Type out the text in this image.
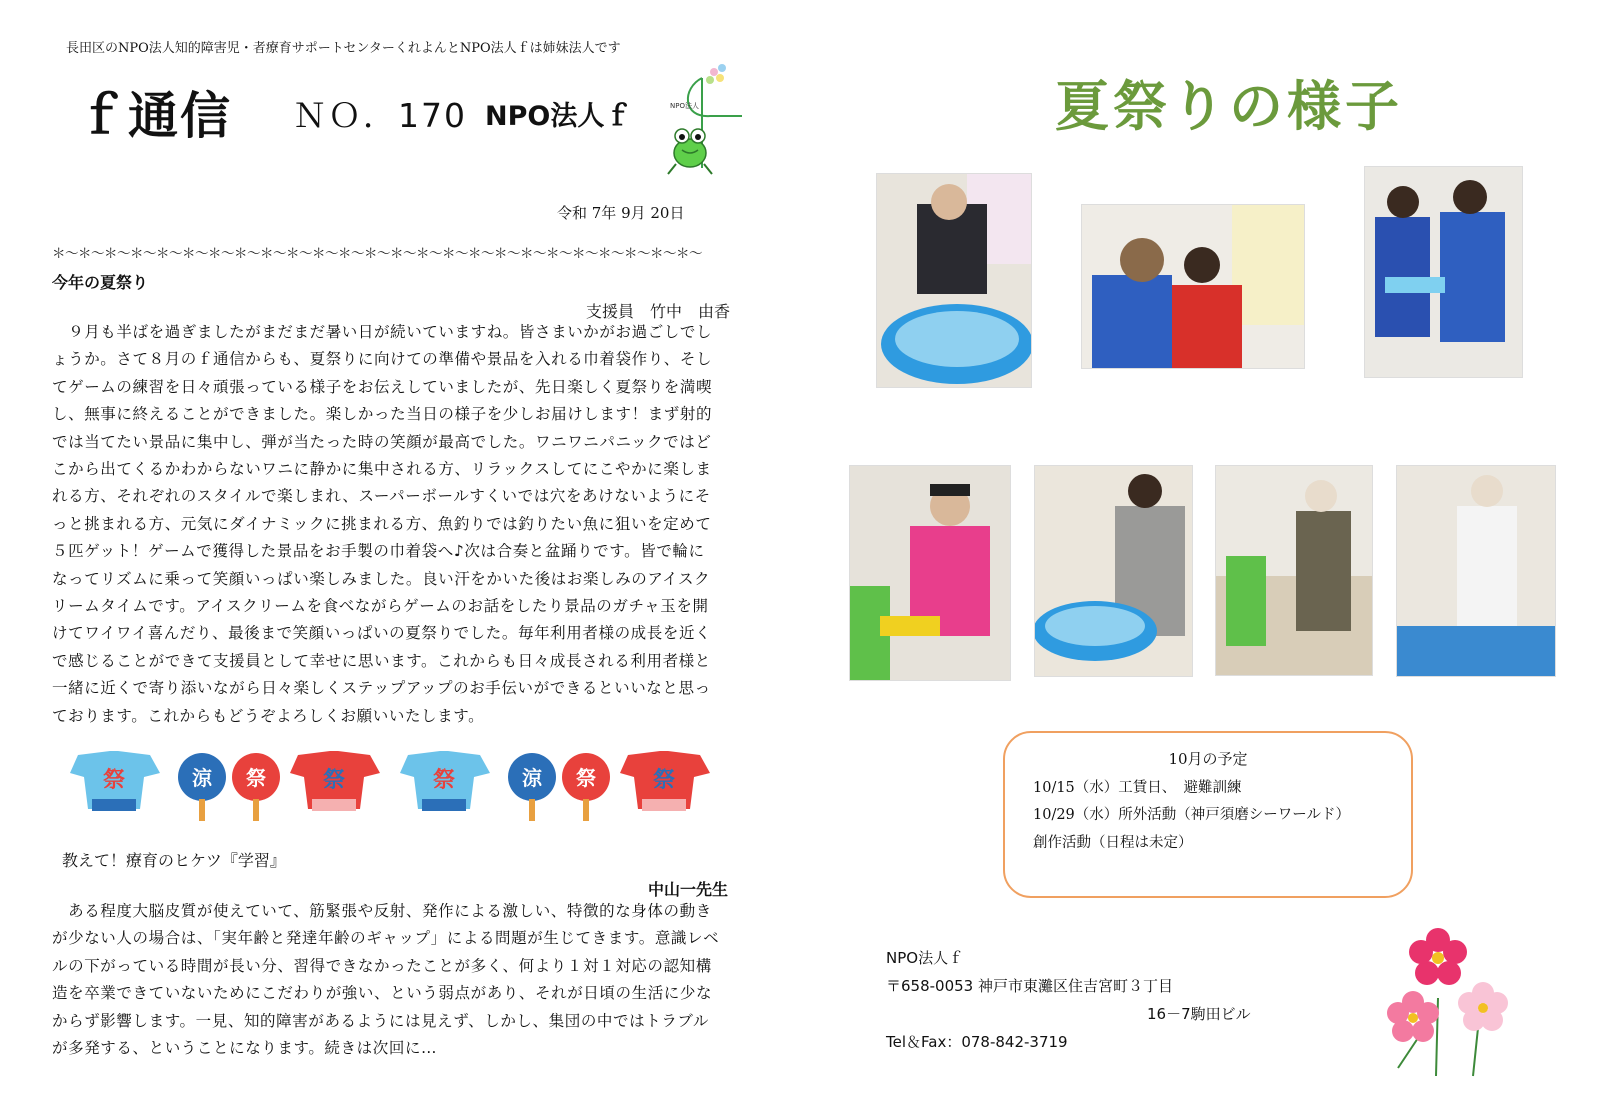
長田区のNPO法人知的障害児・者療育サポートセンターくれよんとNPO法人ｆは姉妹法人です
ｆ通信 ＮＯ．170 NPO法人ｆ	NPO法人
令和 7年 9月 20日
＊～＊～＊～＊～＊～＊～＊～＊～＊～＊～＊～＊～＊～＊～＊～＊～＊～＊～＊～＊～＊～＊～＊～＊～＊～
今年の夏祭り
支援員　竹中　由香
　９月も半ばを過ぎましたがまだまだ暑い日が続いていますね。皆さまいかがお過ごしでし
ょうか。さて８月のｆ通信からも、夏祭りに向けての準備や景品を入れる巾着袋作り、そし
てゲームの練習を日々頑張っている様子をお伝えしていましたが、先日楽しく夏祭りを満喫
し、無事に終えることができました。楽しかった当日の様子を少しお届けします！まず射的
では当てたい景品に集中し、弾が当たった時の笑顔が最高でした。ワニワニパニックではど
こから出てくるかわからないワニに静かに集中される方、リラックスしてにこやかに楽しま
れる方、それぞれのスタイルで楽しまれ、スーパーボールすくいでは穴をあけないようにそ
っと挑まれる方、元気にダイナミックに挑まれる方、魚釣りでは釣りたい魚に狙いを定めて
５匹ゲット！ゲームで獲得した景品をお手製の巾着袋へ♪次は合奏と盆踊りです。皆で輪に
なってリズムに乗って笑顔いっぱい楽しみました。良い汗をかいた後はお楽しみのアイスク
リームタイムです。アイスクリームを食べながらゲームのお話をしたり景品のガチャ玉を開
けてワイワイ喜んだり、最後まで笑顔いっぱいの夏祭りでした。毎年利用者様の成長を近く
で感じることができて支援員として幸せに思います。これからも日々成長される利用者様と
一緒に近くで寄り添いながら日々楽しくステップアップのお手伝いができるといいなと思っ
ております。これからもどうぞよろしくお願いいたします。
祭	涼 祭	祭	祭	涼 祭	祭
教えて！療育のヒケツ『学習』
中山一先生
　ある程度大脳皮質が使えていて、筋緊張や反射、発作による激しい、特徴的な身体の動き
が少ない人の場合は、「実年齢と発達年齢のギャップ」による問題が生じてきます。意識レベ
ルの下がっている時間が長い分、習得できなかったことが多く、何より１対１対応の認知構
造を卒業できていないためにこだわりが強い、という弱点があり、それが日頃の生活に少な
からず影響します。一見、知的障害があるようには見えず、しかし、集団の中ではトラブル
が多発する、ということになります。続きは次回に…
夏祭りの様子
10月の予定
10/15（水）工賃日、　避難訓練
10/29（水）所外活動（神戸須磨シーワールド）
創作活動（日程は未定）
NPO法人ｆ
〒658-0053 神戸市東灘区住吉宮町３丁目
16－7駒田ビル
Tel＆Fax：078-842-3719
